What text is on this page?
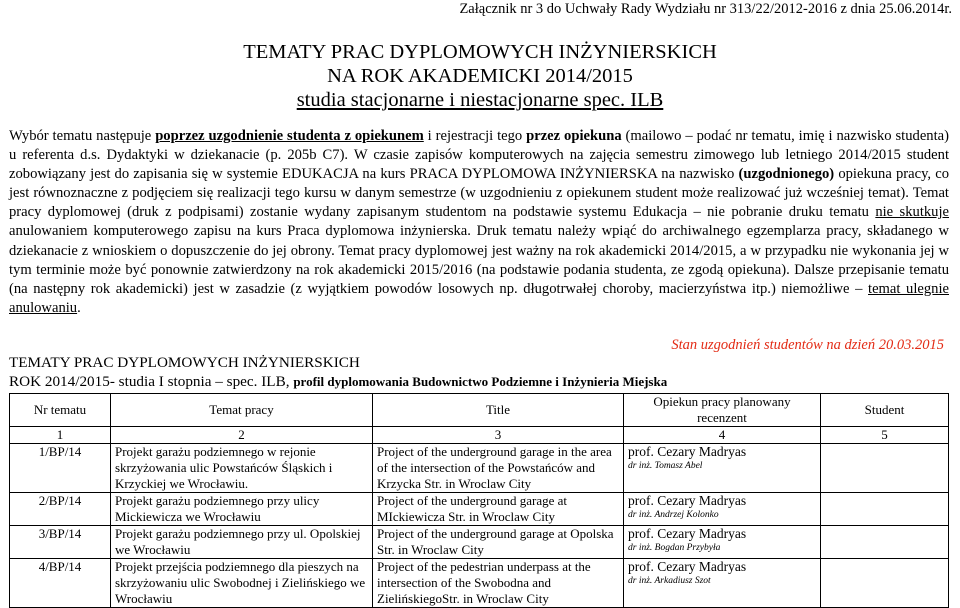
Załącznik nr 3 do Uchwały Rady Wydziału nr 313/22/2012-2016 z dnia 25.06.2014r.
TEMATY PRAC DYPLOMOWYCH INŻYNIERSKICH
NA ROK AKADEMICKI 2014/2015
studia stacjonarne i niestacjonarne spec. ILB

Wybór tematu następuje poprzez uzgodnienie studenta z opiekunem i rejestracji tego przez opiekuna (mailowo – podać nr tematu, imię i nazwisko studenta) u referenta d.s. Dydaktyki w dziekanacie (p. 205b C7). W czasie zapisów komputerowych na zajęcia semestru zimowego lub letniego 2014/2015 student zobowiązany jest do zapisania się w systemie EDUKACJA na kurs PRACA DYPLOMOWA INŻYNIERSKA na nazwisko (uzgodnionego) opiekuna pracy, co jest równoznaczne z podjęciem się realizacji tego kursu w danym semestrze (w uzgodnieniu z opiekunem student może realizować już wcześniej temat). Temat pracy dyplomowej (druk z podpisami) zostanie wydany zapisanym studentom na podstawie systemu Edukacja – nie pobranie druku tematu nie skutkuje anulowaniem komputerowego zapisu na kurs Praca dyplomowa inżynierska. Druk tematu należy wpiąć do archiwalnego egzemplarza pracy, składanego w dziekanacie z wnioskiem o dopuszczenie do jej obrony. Temat pracy dyplomowej jest ważny na rok akademicki 2014/2015, a w przypadku nie wykonania jej w tym terminie może być ponownie zatwierdzony na rok akademicki 2015/2016 (na podstawie podania studenta, ze zgodą opiekuna). Dalsze przepisanie tematu (na następny rok akademicki) jest w zasadzie (z wyjątkiem powodów losowych np. długotrwałej choroby, macierzyństwa itp.) niemożliwe – temat ulegnie anulowaniu.

Stan uzgodnień studentów na dzień 20.03.2015
TEMATY PRAC DYPLOMOWYCH INŻYNIERSKICH
ROK 2014/2015- studia I stopnia – spec. ILB, profil dyplomowania Budownictwo Podziemne i Inżynieria Miejska
Nr tematu	Temat pracy	Title	Opiekun pracy planowany recenzent	Student
1	2	3	4	5
1/BP/14	Projekt garażu podziemnego w rejonie skrzyżowania ulic Powstańców Śląskich i Krzyckiej we Wrocławiu.	Project of the underground garage in the area of the intersection of the Powstańców and Krzycka Str. in Wroclaw City	prof. Cezary Madryas
dr inż. Tomasz Abel	

2/BP/14	Projekt garażu podziemnego przy ulicy Mickiewicza we Wrocławiu	Project of the underground garage at MIckiewicza Str. in Wroclaw City	prof. Cezary Madryas
dr inż. Andrzej Kolonko	

3/BP/14	Projekt garażu podziemnego przy ul. Opolskiej we Wrocławiu	Project of the underground garage at Opolska Str. in Wroclaw City	prof. Cezary Madryas
dr inż. Bogdan Przybyła	

4/BP/14	Projekt przejścia podziemnego dla pieszych na skrzyżowaniu ulic Swobodnej i Zielińskiego we Wrocławiu	Project of the pedestrian underpass at the intersection of the Swobodna and ZielińskiegoStr. in Wroclaw City	prof. Cezary Madryas
dr inż. Arkadiusz Szot	
